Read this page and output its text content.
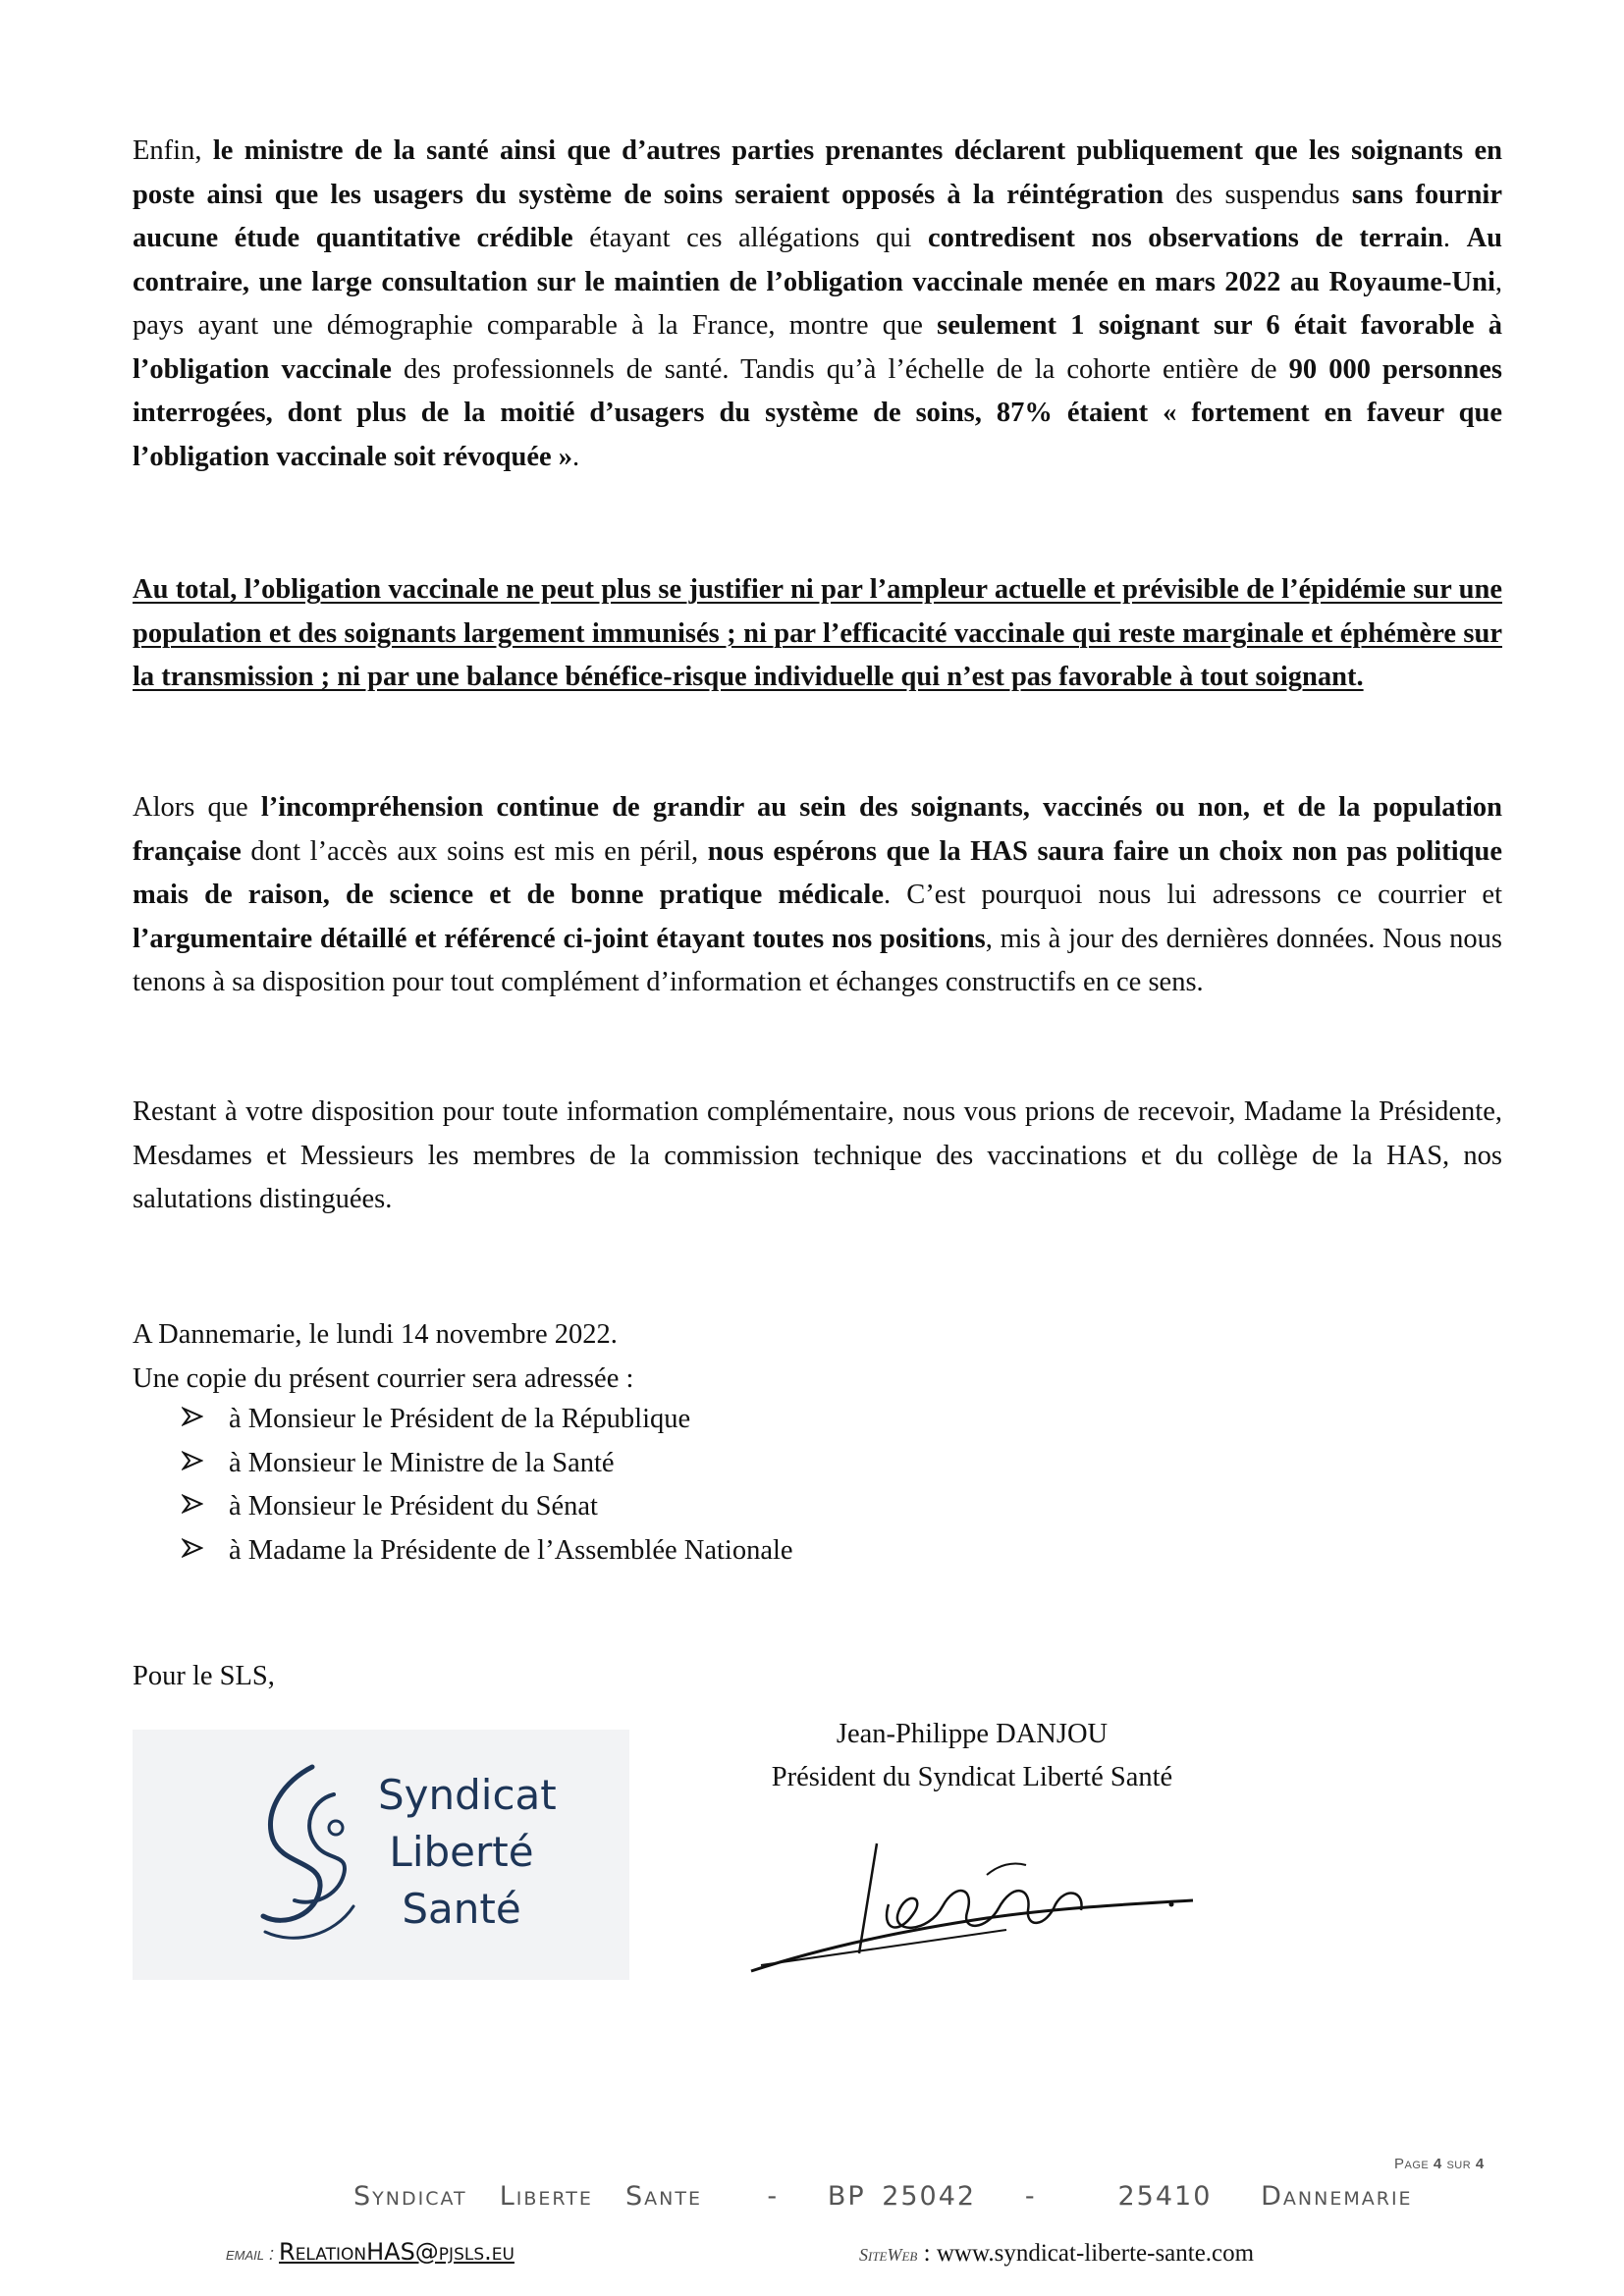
Enfin, le ministre de la santé ainsi que d’autres parties prenantes déclarent publiquement que les soignants en poste ainsi que les usagers du système de soins seraient opposés à la réintégration des suspendus sans fournir aucune étude quantitative crédible étayant ces allégations qui contredisent nos observations de terrain. Au contraire, une large consultation sur le maintien de l’obligation vaccinale menée en mars 2022 au Royaume-Uni, pays ayant une démographie comparable à la France, montre que seulement 1 soignant sur 6 était favorable à l’obligation vaccinale des professionnels de santé. Tandis qu’à l’échelle de la cohorte entière de 90 000 personnes interrogées, dont plus de la moitié d’usagers du système de soins, 87% étaient « fortement en faveur que l’obligation vaccinale soit révoquée ».

Au total, l’obligation vaccinale ne peut plus se justifier ni par l’ampleur actuelle et prévisible de l’épidémie sur une population et des soignants largement immunisés ; ni par l’efficacité vaccinale qui reste marginale et éphémère sur la transmission ; ni par une balance bénéfice-risque individuelle qui n’est pas favorable à tout soignant.

Alors que l’incompréhension continue de grandir au sein des soignants, vaccinés ou non, et de la population française dont l’accès aux soins est mis en péril, nous espérons que la HAS saura faire un choix non pas politique mais de raison, de science et de bonne pratique médicale. C’est pourquoi nous lui adressons ce courrier et l’argumentaire détaillé et référencé ci-joint étayant toutes nos positions, mis à jour des dernières données. Nous nous tenons à sa disposition pour tout complément d’information et échanges constructifs en ce sens.

Restant à votre disposition pour toute information complémentaire, nous vous prions de recevoir, Madame la Présidente, Mesdames et Messieurs les membres de la commission technique des vaccinations et du collège de la HAS, nos salutations distinguées.

A Dannemarie, le lundi 14 novembre 2022.
Une copie du présent courrier sera adressée :
à Monsieur le Président de la République
à Monsieur le Ministre de la Santé
à Monsieur le Président du Sénat
à Madame la Présidente de l’Assemblée Nationale
Pour le SLS,
Jean-Philippe DANJOU
Président du Syndicat Liberté Santé
Syndicat
Liberté
Santé
Page 4 sur 4
Syndicat  Liberte  Sante    -   BP 25042   -     25410   Dannemarie
email : RelationHAS@pjsls.eu	SiteWeb : www.syndicat-liberte-sante.com
